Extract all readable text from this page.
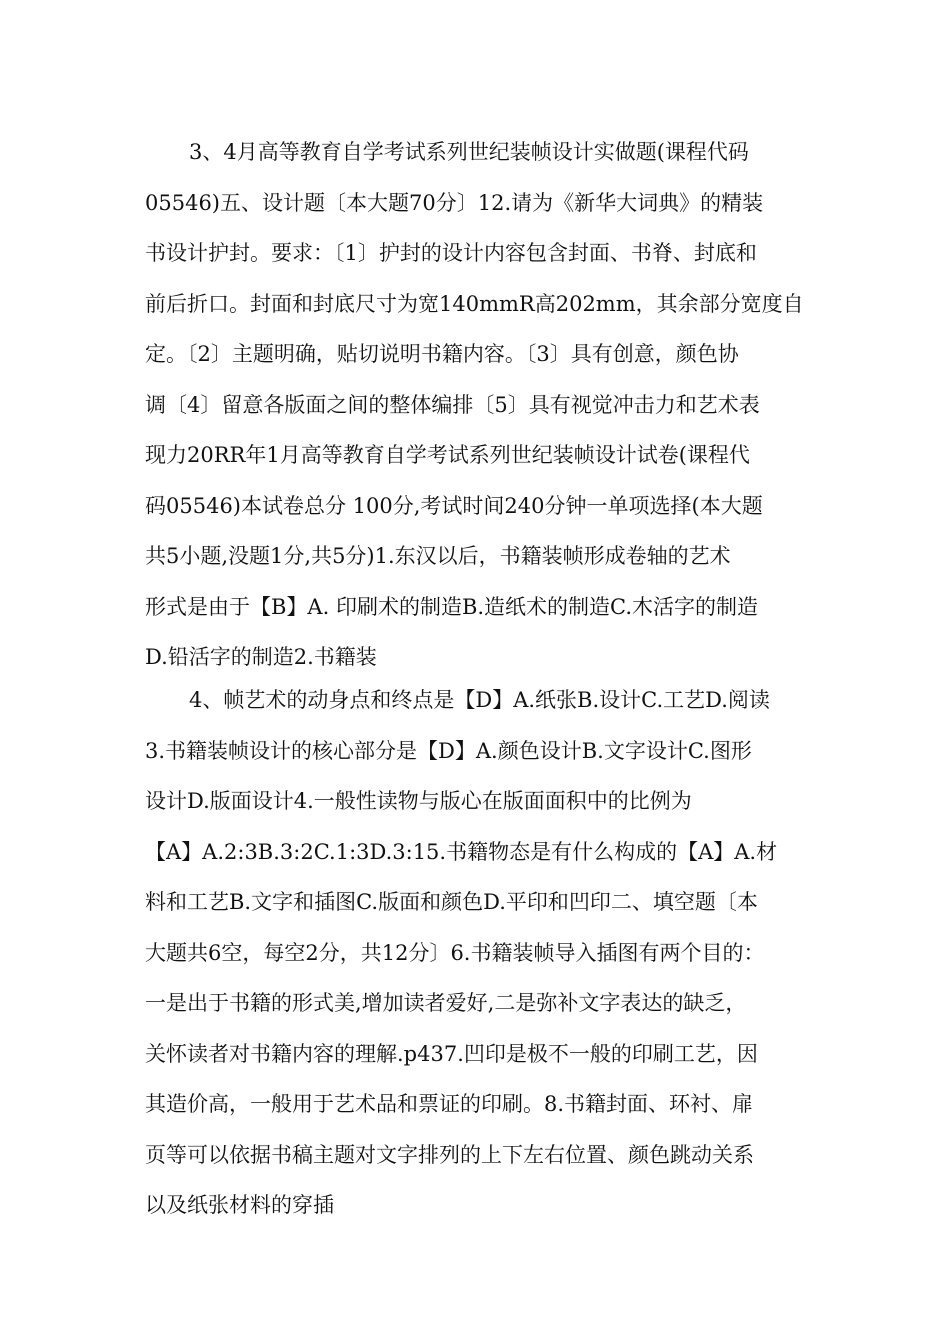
3、4月高等教育自学考试系列世纪装帧设计实做题(课程代码
05546)五、设计题〔本大题70分〕12.请为《新华大词典》的精装
书设计护封。要求：〔1〕护封的设计内容包含封面、书脊、封底和
前后折口。封面和封底尺寸为宽140mmR高202mm，其余部分宽度自
定。〔2〕主题明确，贴切说明书籍内容。〔3〕具有创意，颜色协
调〔4〕留意各版面之间的整体编排〔5〕具有视觉冲击力和艺术表
现力20RR年1月高等教育自学考试系列世纪装帧设计试卷(课程代
码05546)本试卷总分 100分,考试时间240分钟一单项选择(本大题
共5小题,没题1分,共5分)1.东汉以后，书籍装帧形成卷轴的艺术
形式是由于【B】A. 印刷术的制造B.造纸术的制造C.木活字的制造
D.铅活字的制造2.书籍装
4、帧艺术的动身点和终点是【D】A.纸张B.设计C.工艺D.阅读
3.书籍装帧设计的核心部分是【D】A.颜色设计B.文字设计C.图形
设计D.版面设计4.一般性读物与版心在版面面积中的比例为
【A】A.2:3B.3:2C.1:3D.3:15.书籍物态是有什么构成的【A】A.材
料和工艺B.文字和插图C.版面和颜色D.平印和凹印二、填空题〔本
大题共6空，每空2分，共12分〕6.书籍装帧导入插图有两个目的：
一是出于书籍的形式美,增加读者爱好,二是弥补文字表达的缺乏，
关怀读者对书籍内容的理解.p437.凹印是极不一般的印刷工艺，因
其造价高，一般用于艺术品和票证的印刷。8.书籍封面、环衬、扉
页等可以依据书稿主题对文字排列的上下左右位置、颜色跳动关系
以及纸张材料的穿插
